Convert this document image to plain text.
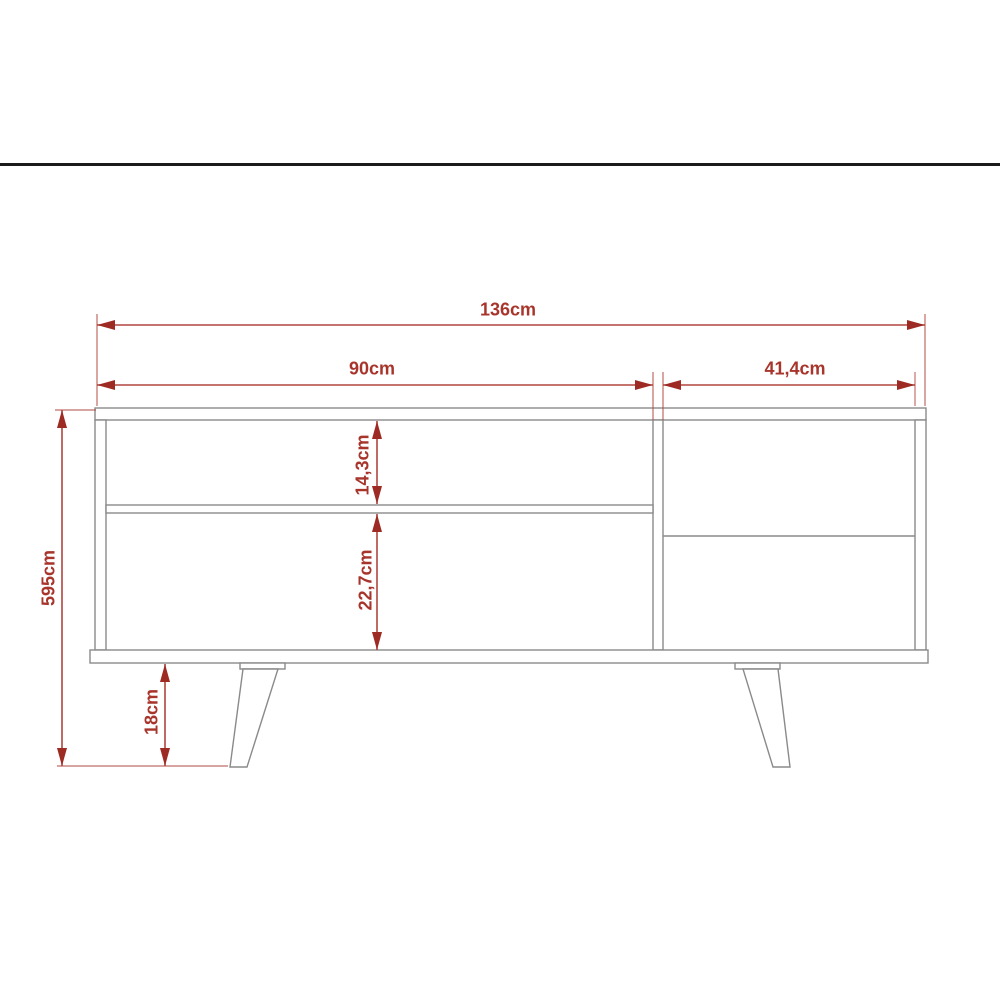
136cm
90cm	41,4cm
595cm
14,3cm
22,7cm
18cm
